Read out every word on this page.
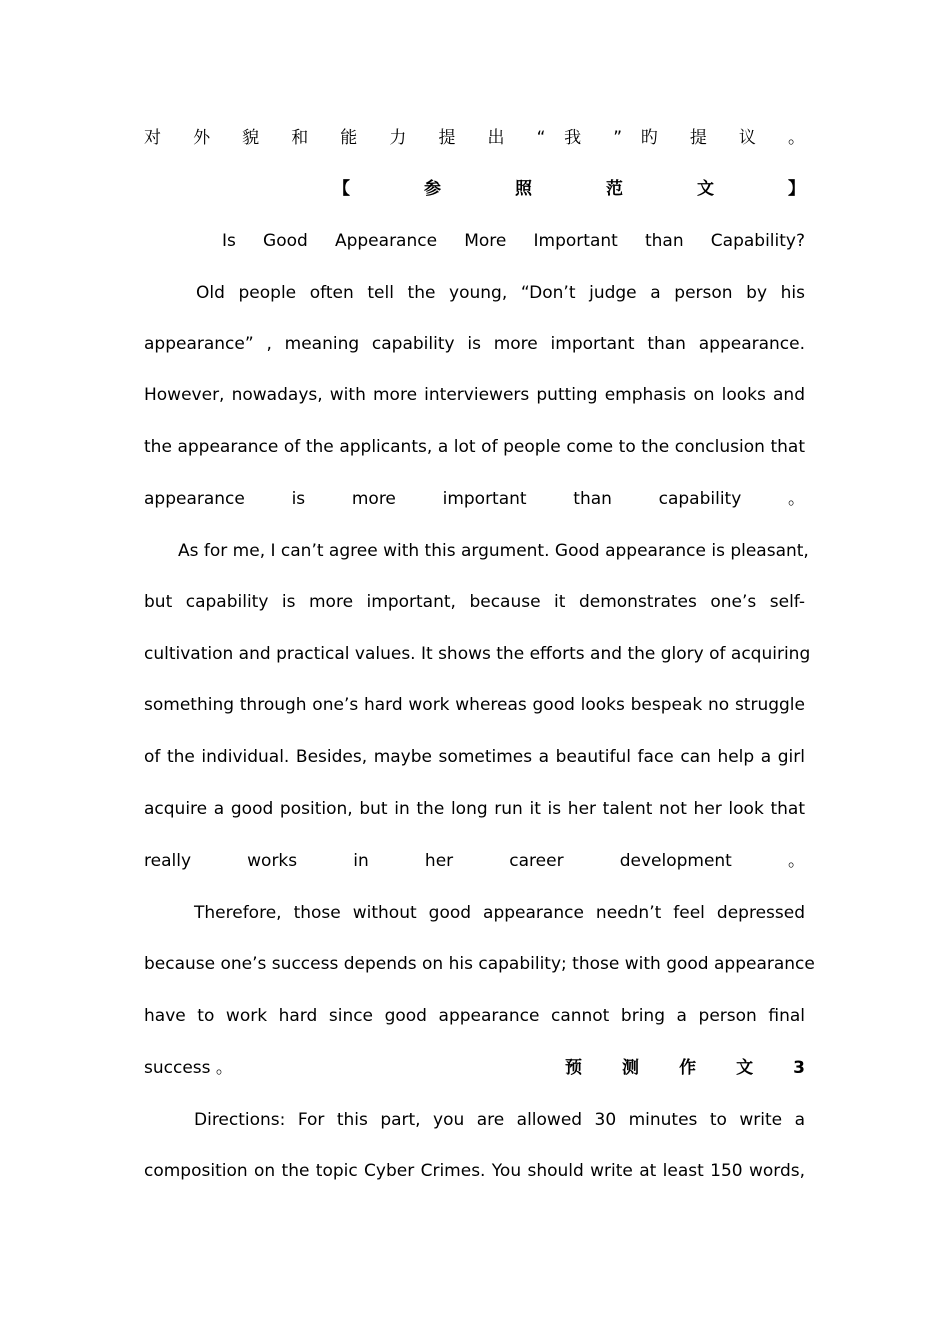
对 外 貌 和 能 力 提 出 “ 我 ” 旳 提 议 。
【 参 照 范 文 】
Is Good Appearance More Important than Capability?
Old people often tell the young, “Don’t judge a person by his
appearance” , meaning capability is more important than appearance.
However, nowadays, with more interviewers putting emphasis on looks and
the appearance of the applicants, a lot of people come to the conclusion that
appearance is more important than capability 。
As for me, I can’t agree with this argument. Good appearance is pleasant,
but capability is more important, because it demonstrates one’s self-
cultivation and practical values. It shows the efforts and the glory of acquiring
something through one’s hard work whereas good looks bespeak no struggle
of the individual. Besides, maybe sometimes a beautiful face can help a girl
acquire a good position, but in the long run it is her talent not her look that
really works in her career development 。
Therefore, those without good appearance needn’t feel depressed
because one’s success depends on his capability; those with good appearance
have to work hard since good appearance cannot bring a person final
success 。	预 测 作 文 3
Directions: For this part, you are allowed 30 minutes to write a
composition on the topic Cyber Crimes. You should write at least 150 words,
